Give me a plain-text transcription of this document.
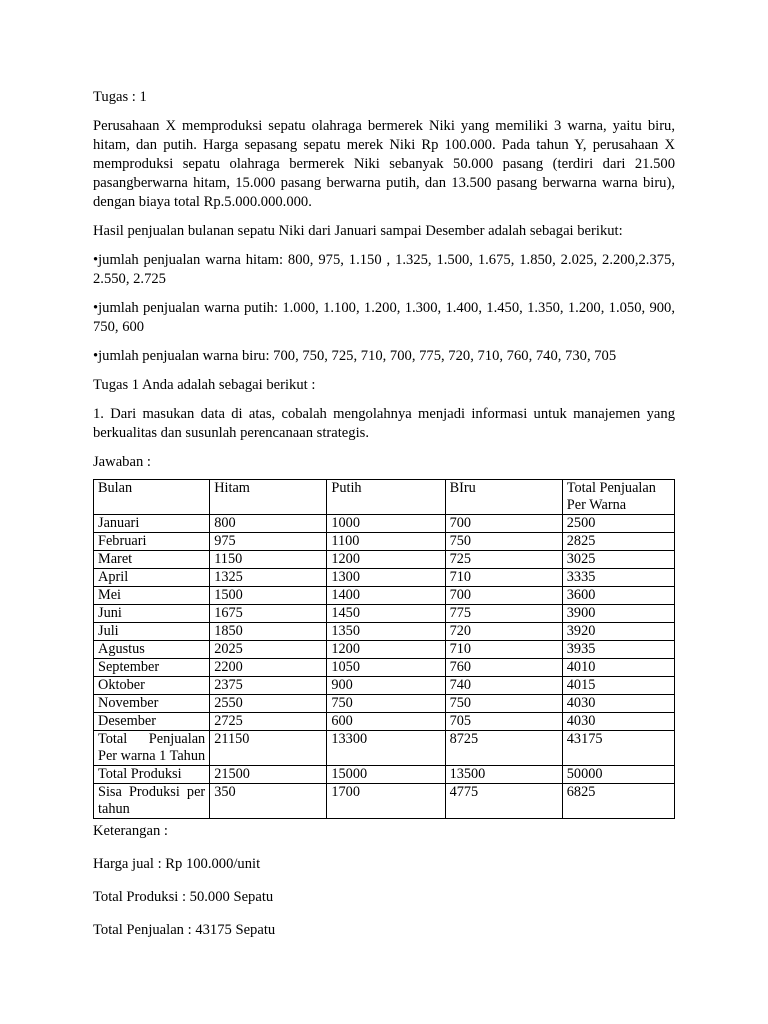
Tugas : 1

Perusahaan X memproduksi sepatu olahraga bermerek Niki yang memiliki 3 warna, yaitu biru, hitam, dan putih. Harga sepasang sepatu merek Niki Rp 100.000. Pada tahun Y, perusahaan X memproduksi sepatu olahraga bermerek Niki sebanyak 50.000 pasang (terdiri dari 21.500 pasangberwarna hitam, 15.000 pasang berwarna putih, dan 13.500 pasang berwarna warna biru), dengan biaya total Rp.5.000.000.000.

Hasil penjualan bulanan sepatu Niki dari Januari sampai Desember adalah sebagai berikut:

•jumlah penjualan warna hitam: 800, 975, 1.150 , 1.325, 1.500, 1.675, 1.850, 2.025, 2.200,2.375, 2.550, 2.725

•jumlah penjualan warna putih: 1.000, 1.100, 1.200, 1.300, 1.400, 1.450, 1.350, 1.200, 1.050, 900, 750, 600

•jumlah penjualan warna biru: 700, 750, 725, 710, 700, 775, 720, 710, 760, 740, 730, 705

Tugas 1 Anda adalah sebagai berikut :

1. Dari masukan data di atas, cobalah mengolahnya menjadi informasi untuk manajemen yang berkualitas dan susunlah perencanaan strategis.

Jawaban :

Bulan	Hitam	Putih	BIru	Total Penjualan Per Warna
Januari	800	1000	700	2500
Februari	975	1100	750	2825
Maret	1150	1200	725	3025
April	1325	1300	710	3335
Mei	1500	1400	700	3600
Juni	1675	1450	775	3900
Juli	1850	1350	720	3920
Agustus	2025	1200	710	3935
September	2200	1050	760	4010
Oktober	2375	900	740	4015
November	2550	750	750	4030
Desember	2725	600	705	4030
Total Penjualan Per warna 1 Tahun	21150	13300	8725	43175
Total Produksi	21500	15000	13500	50000
Sisa Produksi per tahun	350	1700	4775	6825

Keterangan :

Harga jual : Rp 100.000/unit

Total Produksi : 50.000 Sepatu

Total Penjualan : 43175 Sepatu
